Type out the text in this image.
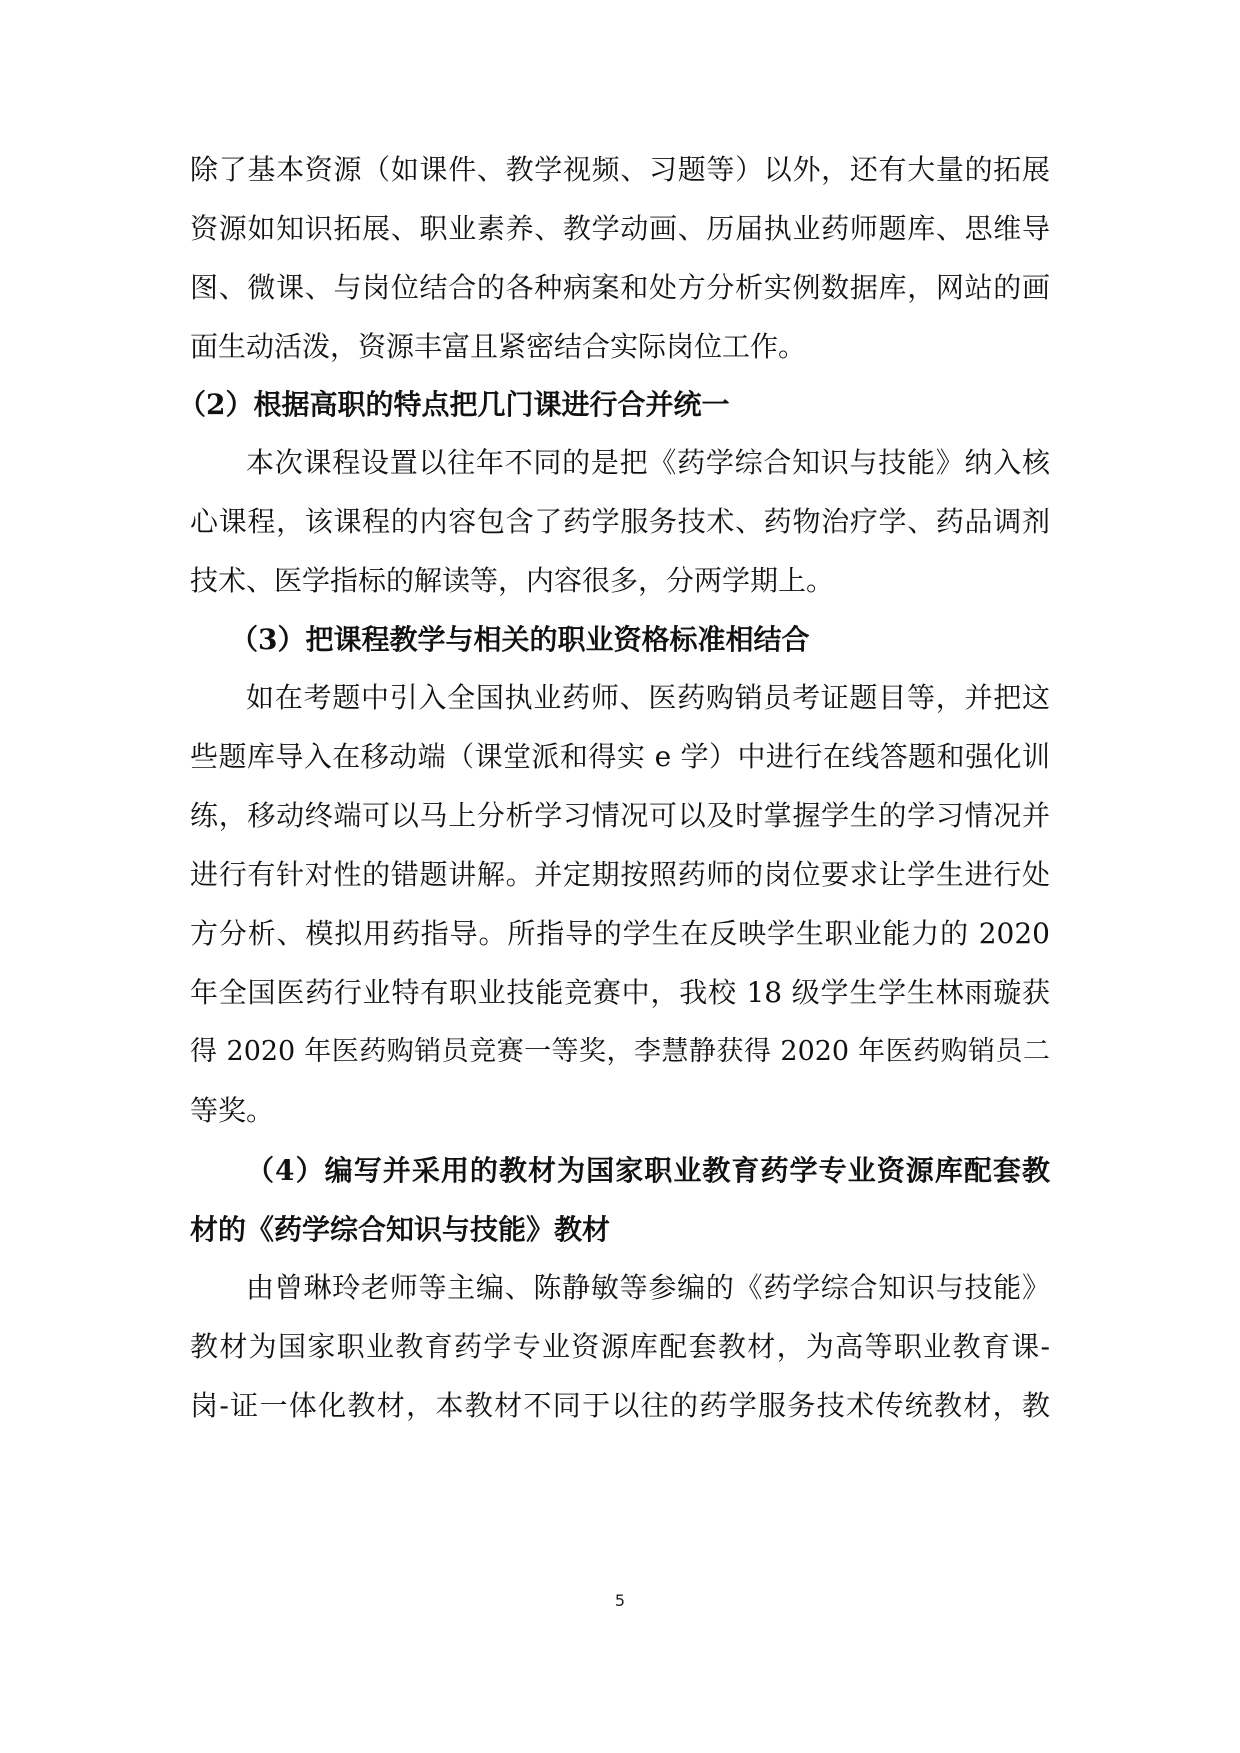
除了基本资源（如课件、教学视频、习题等）以外，还有大量的拓展
资源如知识拓展、职业素养、教学动画、历届执业药师题库、思维导
图、微课、与岗位结合的各种病案和处方分析实例数据库，网站的画
面生动活泼，资源丰富且紧密结合实际岗位工作。
（2）根据高职的特点把几门课进行合并统一
本次课程设置以往年不同的是把《药学综合知识与技能》纳入核
心课程，该课程的内容包含了药学服务技术、药物治疗学、药品调剂
技术、医学指标的解读等，内容很多，分两学期上。
（3）把课程教学与相关的职业资格标准相结合
如在考题中引入全国执业药师、医药购销员考证题目等，并把这
些题库导入在移动端（课堂派和得实 e 学）中进行在线答题和强化训
练，移动终端可以马上分析学习情况可以及时掌握学生的学习情况并
进行有针对性的错题讲解。并定期按照药师的岗位要求让学生进行处
方分析、模拟用药指导。所指导的学生在反映学生职业能力的 2020
年全国医药行业特有职业技能竞赛中，我校 18 级学生学生林雨璇获
得 2020 年医药购销员竞赛一等奖，李慧静获得 2020 年医药购销员二
等奖。
（4）编写并采用的教材为国家职业教育药学专业资源库配套教
材的《药学综合知识与技能》教材
由曾琳玲老师等主编、陈静敏等参编的《药学综合知识与技能》
教材为国家职业教育药学专业资源库配套教材，为高等职业教育课-
岗-证一体化教材，本教材不同于以往的药学服务技术传统教材，教
5
